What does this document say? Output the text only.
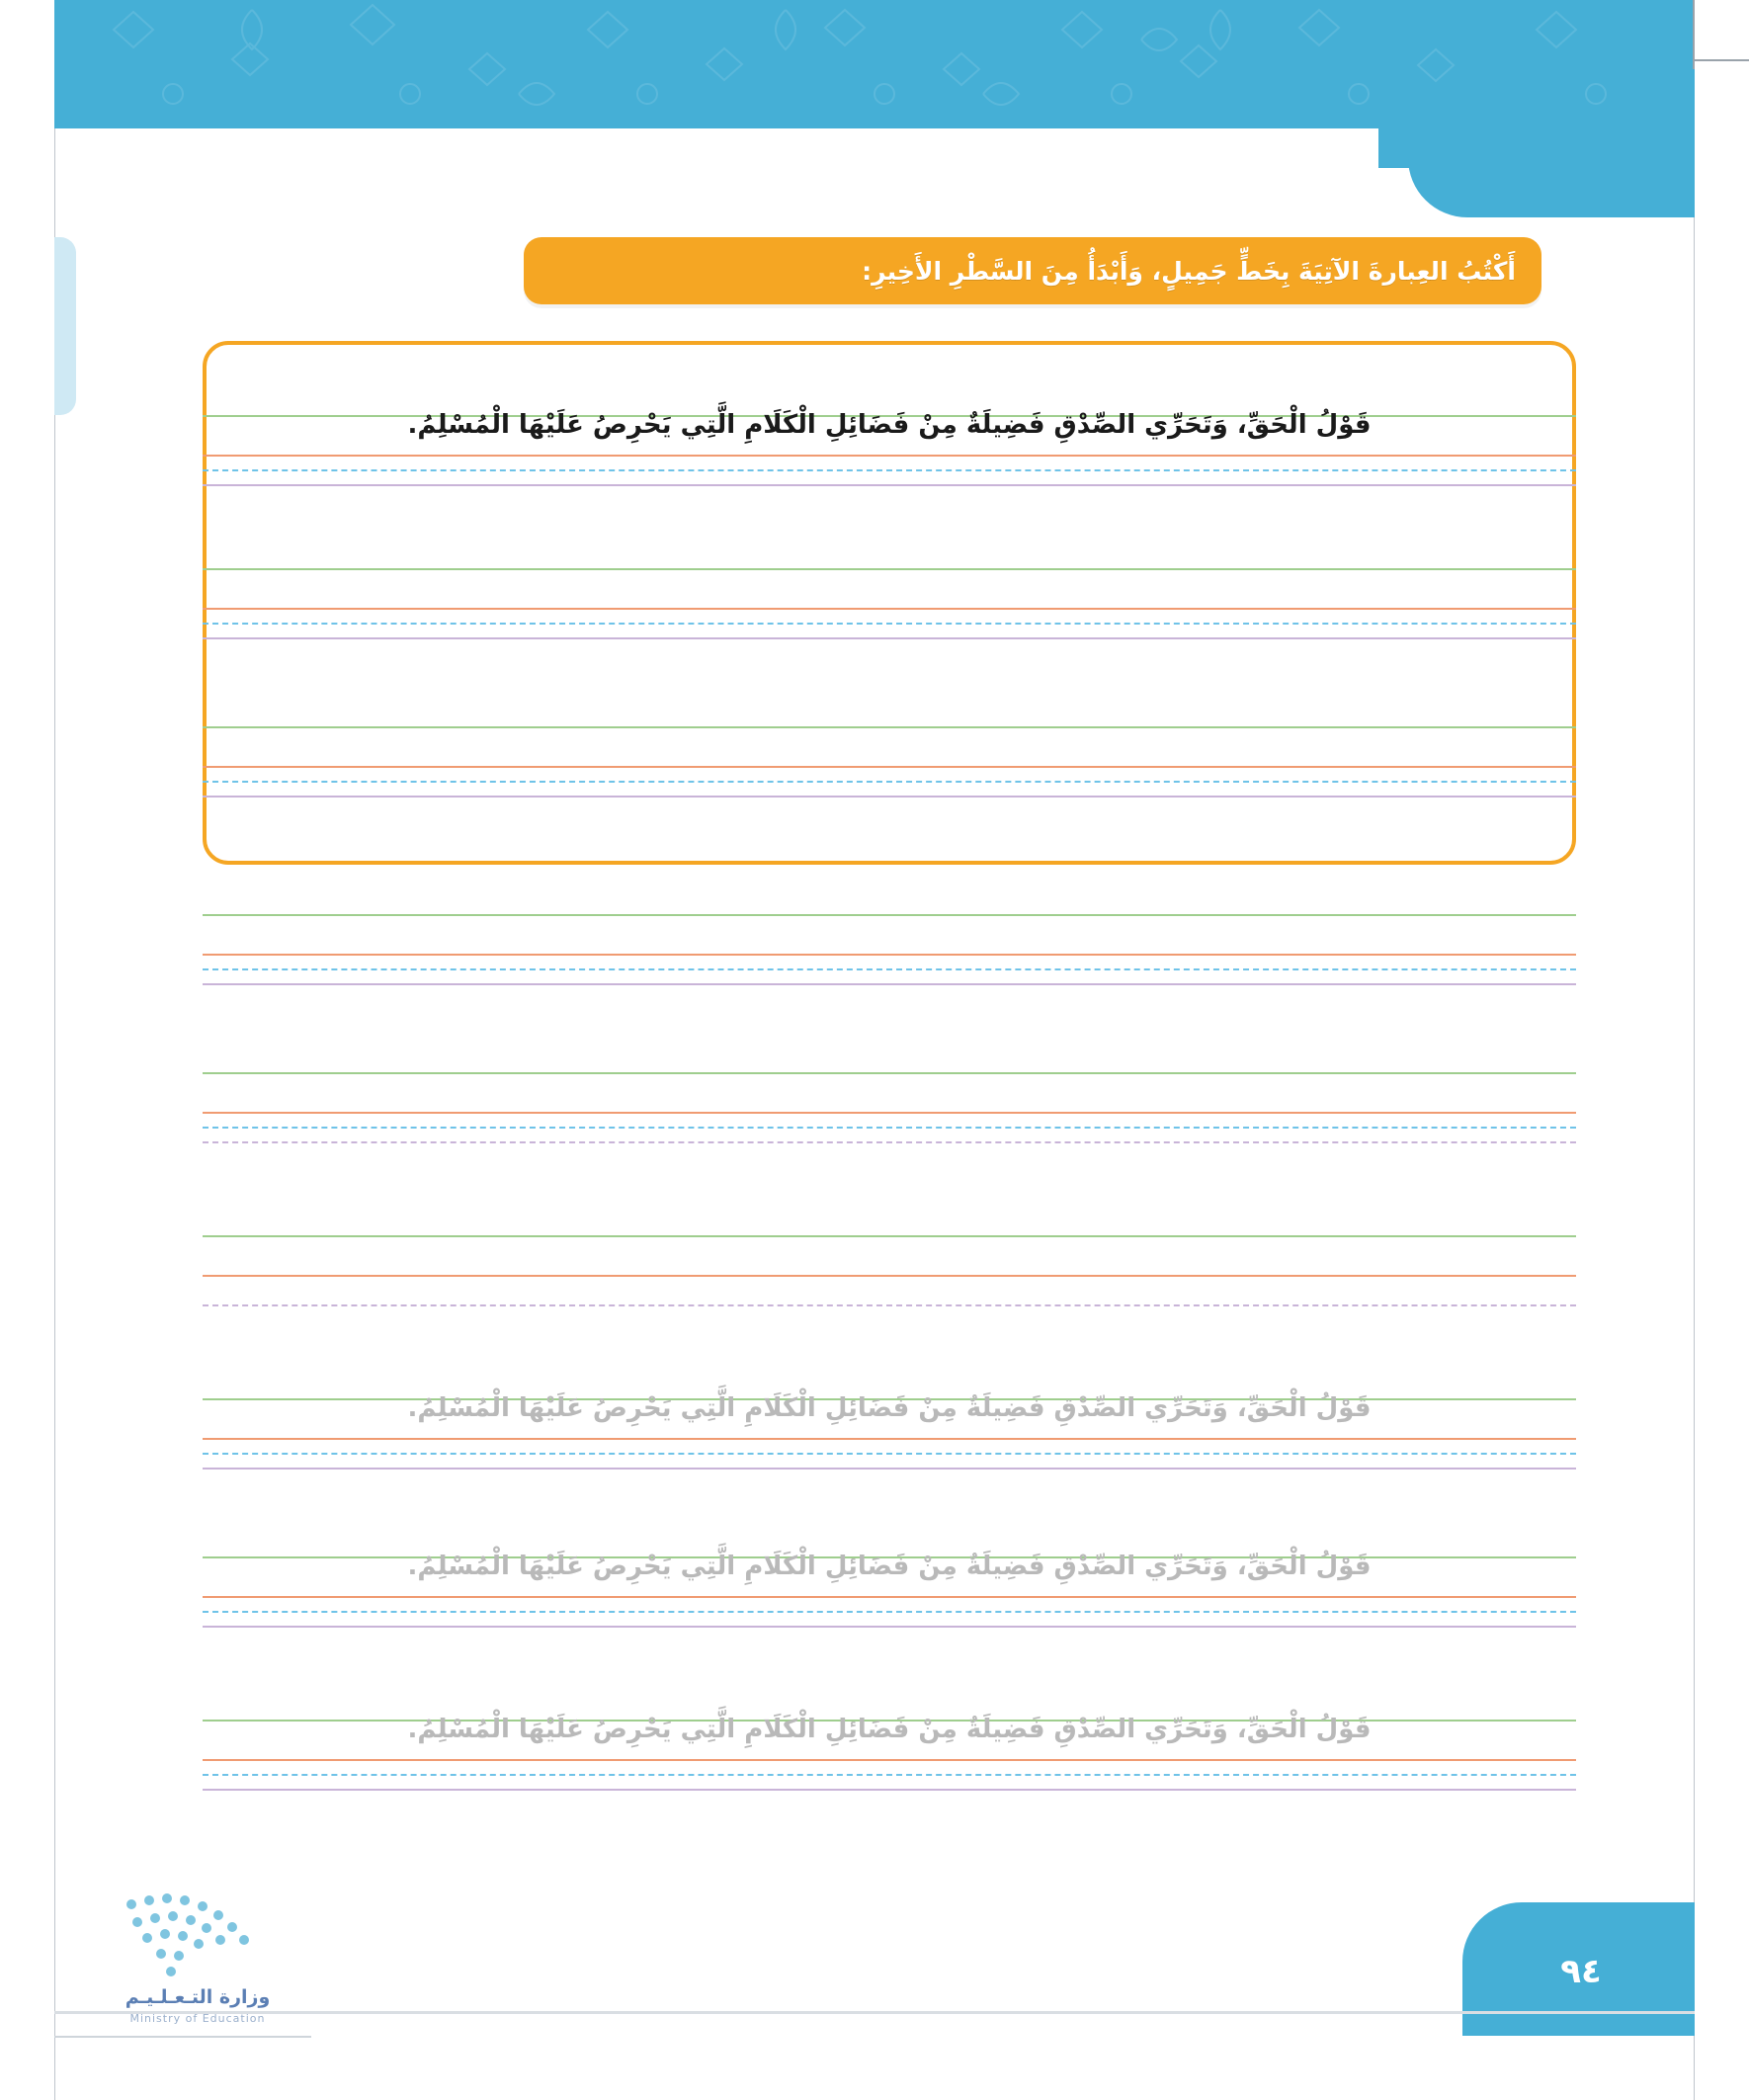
أَكْتُبُ العِبارةَ الآتِيَةَ بِخَطٍّ جَمِيلٍ، وَأَبْدَأُ مِنَ السَّطْرِ الأَخِيرِ:
قَوْلُ الْحَقِّ، وَتَحَرِّي الصِّدْقِ فَضِيلَةٌ مِنْ فَضَائِلِ الْكَلَامِ الَّتِي يَحْرِصُ عَلَيْهَا الْمُسْلِمُ.
قَوْلُ الْحَقِّ، وَتَحَرِّي الصِّدْقِ فَضِيلَةٌ مِنْ فَضَائِلِ الْكَلَامِ الَّتِي يَحْرِصُ عَلَيْهَا الْمُسْلِمُ.
قَوْلُ الْحَقِّ، وَتَحَرِّي الصِّدْقِ فَضِيلَةٌ مِنْ فَضَائِلِ الْكَلَامِ الَّتِي يَحْرِصُ عَلَيْهَا الْمُسْلِمُ.
قَوْلُ الْحَقِّ، وَتَحَرِّي الصِّدْقِ فَضِيلَةٌ مِنْ فَضَائِلِ الْكَلَامِ الَّتِي يَحْرِصُ عَلَيْهَا الْمُسْلِمُ.
٩٤
وزارة التـعـلـيـم
Ministry of Education
